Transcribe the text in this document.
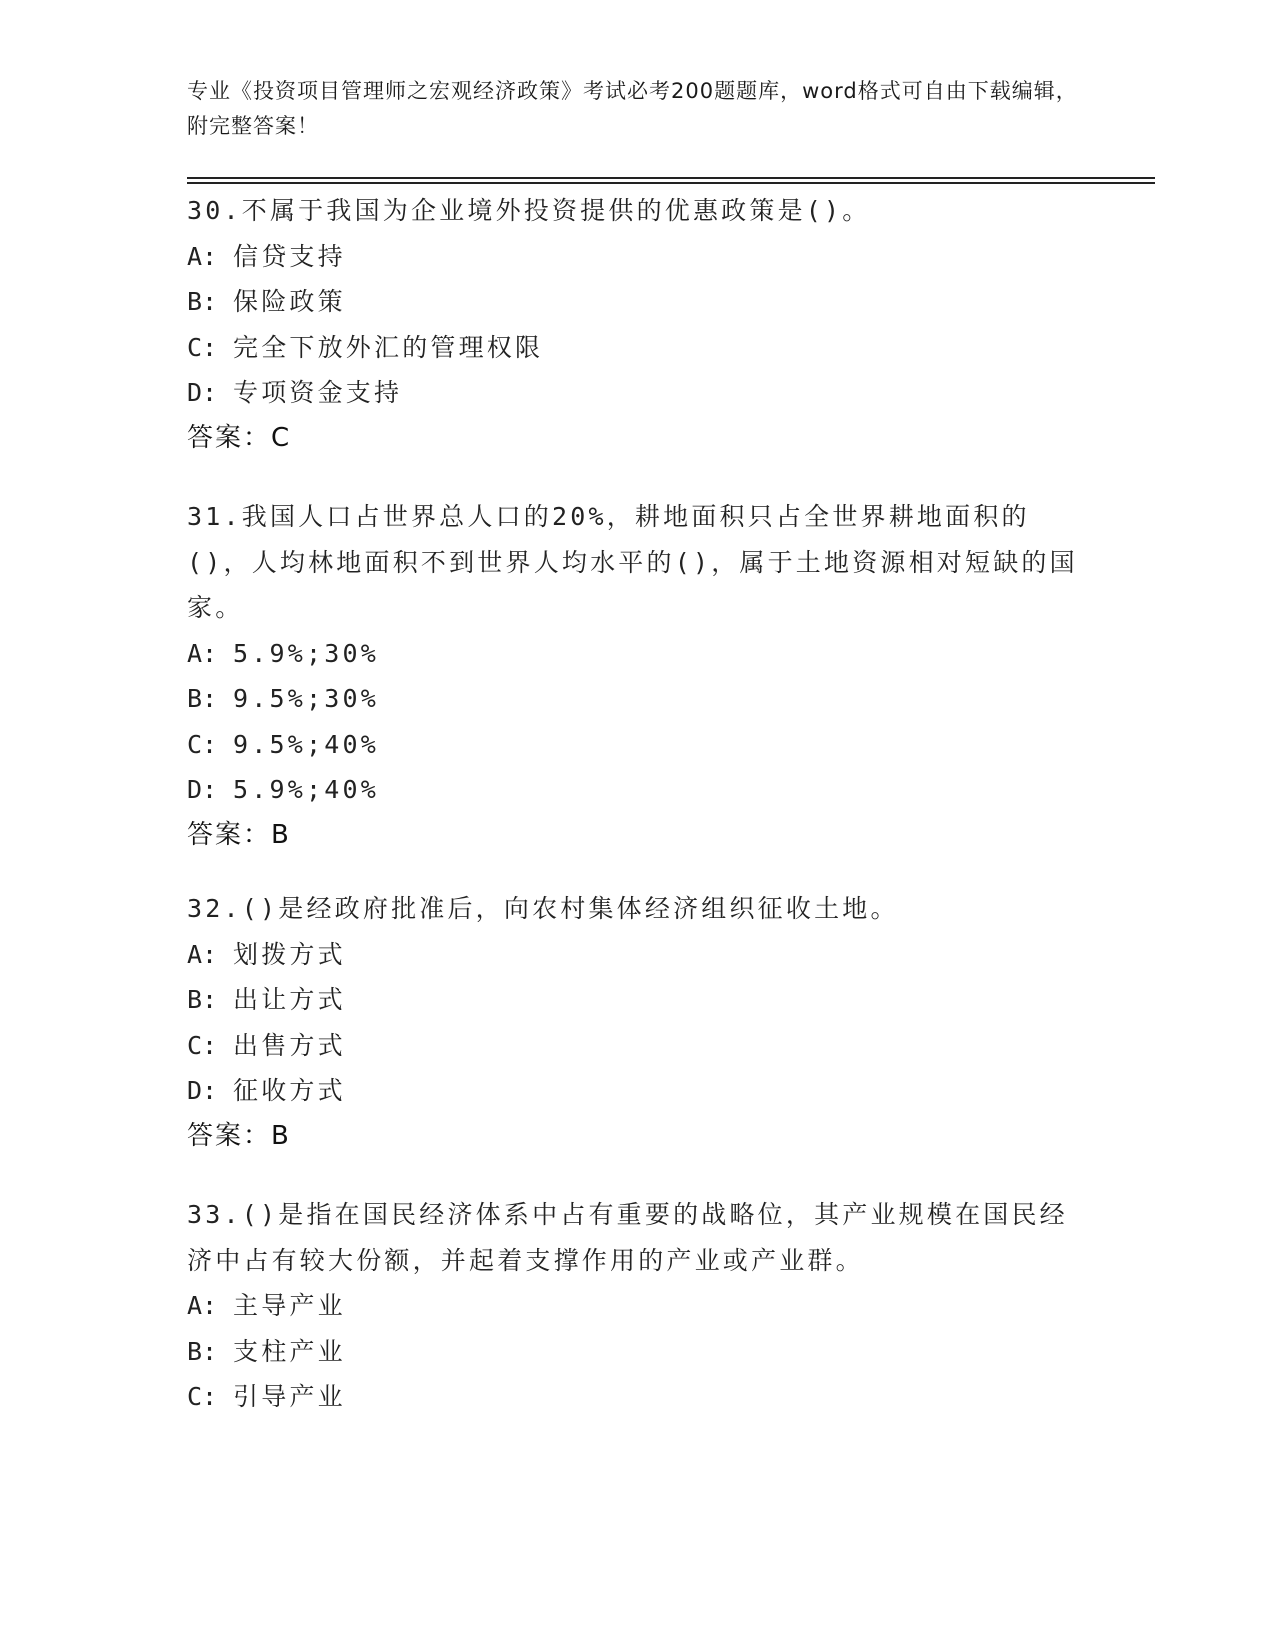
专业《投资项目管理师之宏观经济政策》考试必考200题题库，word格式可自由下载编辑，附完整答案！

30.不属于我国为企业境外投资提供的优惠政策是()。

A: 信贷支持

B: 保险政策

C: 完全下放外汇的管理权限

D: 专项资金支持

答案：C

31.我国人口占世界总人口的20%，耕地面积只占全世界耕地面积的()，人均林地面积不到世界人均水平的()，属于土地资源相对短缺的国家。

A: 5.9%;30%

B: 9.5%;30%

C: 9.5%;40%

D: 5.9%;40%

答案：B

32.()是经政府批准后，向农村集体经济组织征收土地。

A: 划拨方式

B: 出让方式

C: 出售方式

D: 征收方式

答案：B

33.()是指在国民经济体系中占有重要的战略位，其产业规模在国民经济中占有较大份额，并起着支撑作用的产业或产业群。

A: 主导产业

B: 支柱产业

C: 引导产业
